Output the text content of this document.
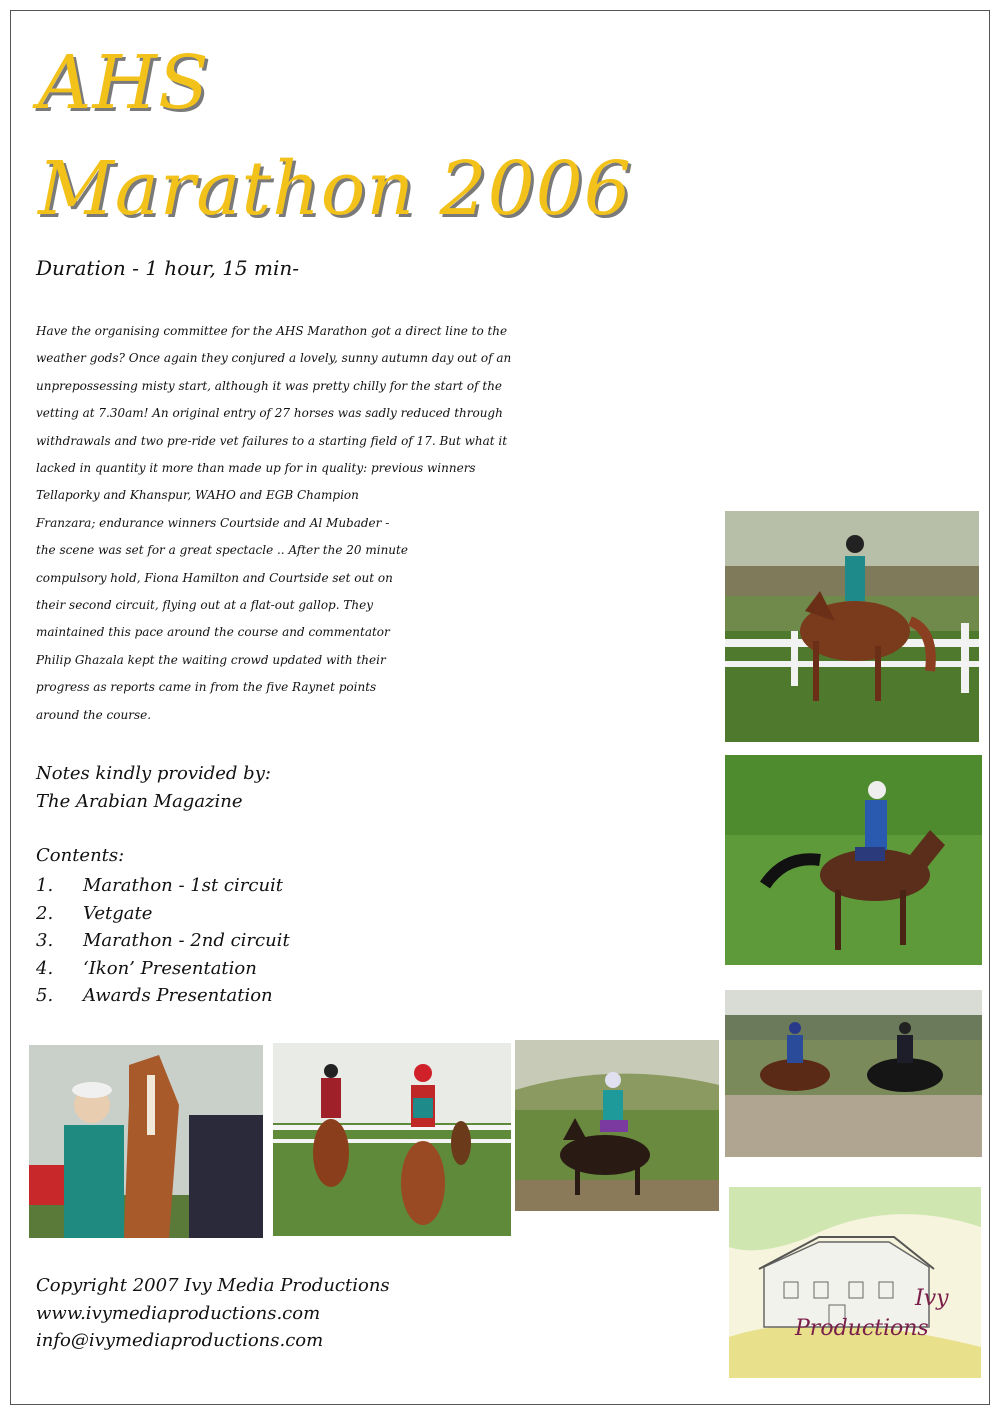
AHS
Marathon 2006
Duration - 1 hour, 15 min-
Have the organising committee for the AHS Marathon got a direct line to the
weather gods? Once again they conjured a lovely, sunny autumn day out of an
unprepossessing misty start, although it was pretty chilly for the start of the
vetting at 7.30am! An original entry of 27 horses was sadly reduced through
withdrawals and two pre-ride vet failures to a starting field of 17. But what it
lacked in quantity it more than made up for in quality: previous winners
Tellaporky and Khanspur, WAHO and EGB Champion
Franzara; endurance winners Courtside and Al Mubader -
the scene was set for a great spectacle .. After the 20 minute
compulsory hold, Fiona Hamilton and Courtside set out on
their second circuit, flying out at a flat-out gallop. They
maintained this pace around the course and commentator
Philip Ghazala kept the waiting crowd updated with their
progress as reports came in from the five Raynet points
around the course.
Notes kindly provided by:
The Arabian Magazine
Contents:
1.	Marathon - 1st circuit
2.	Vetgate
3.	Marathon - 2nd circuit
4.	‘Ikon’ Presentation
5.	Awards Presentation
Copyright 2007 Ivy Media Productions
www.ivymediaproductions.com
info@ivymediaproductions.com
Ivy
Productions
